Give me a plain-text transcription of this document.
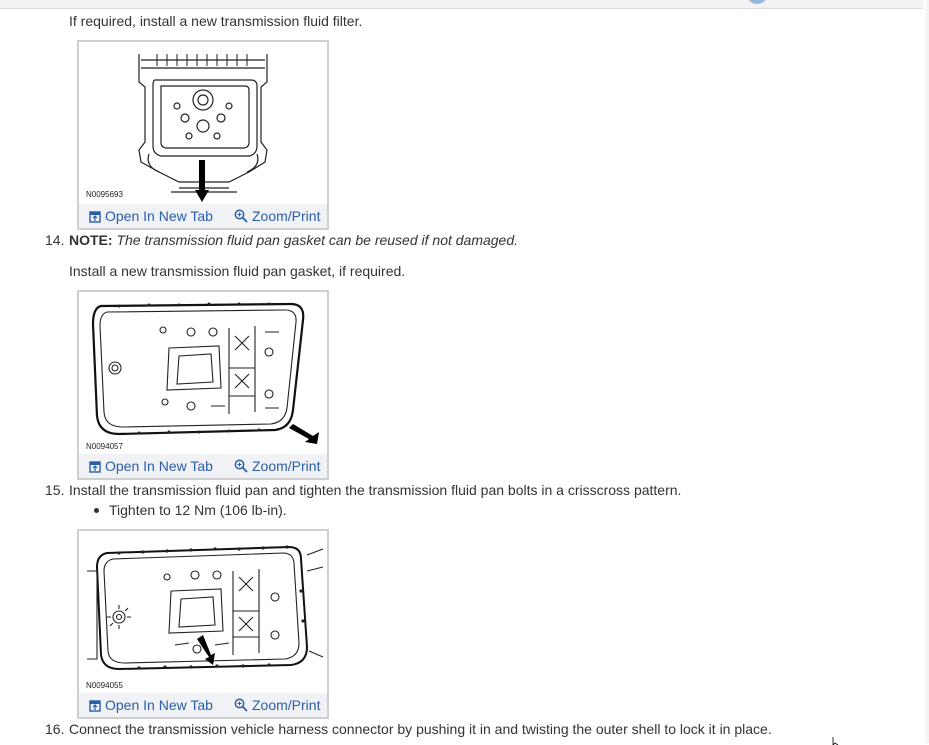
If required, install a new transmission fluid filter.
N0095693
Open In New Tab	Zoom/Print
14. NOTE: The transmission fluid pan gasket can be reused if not damaged.
Install a new transmission fluid pan gasket, if required.
N0094057
Open In New Tab	Zoom/Print
15. Install the transmission fluid pan and tighten the transmission fluid pan bolts in a crisscross pattern.
Tighten to 12 Nm (106 lb-in).
N0094055
Open In New Tab	Zoom/Print
16. Connect the transmission vehicle harness connector by pushing it in and twisting the outer shell to lock it in place.
